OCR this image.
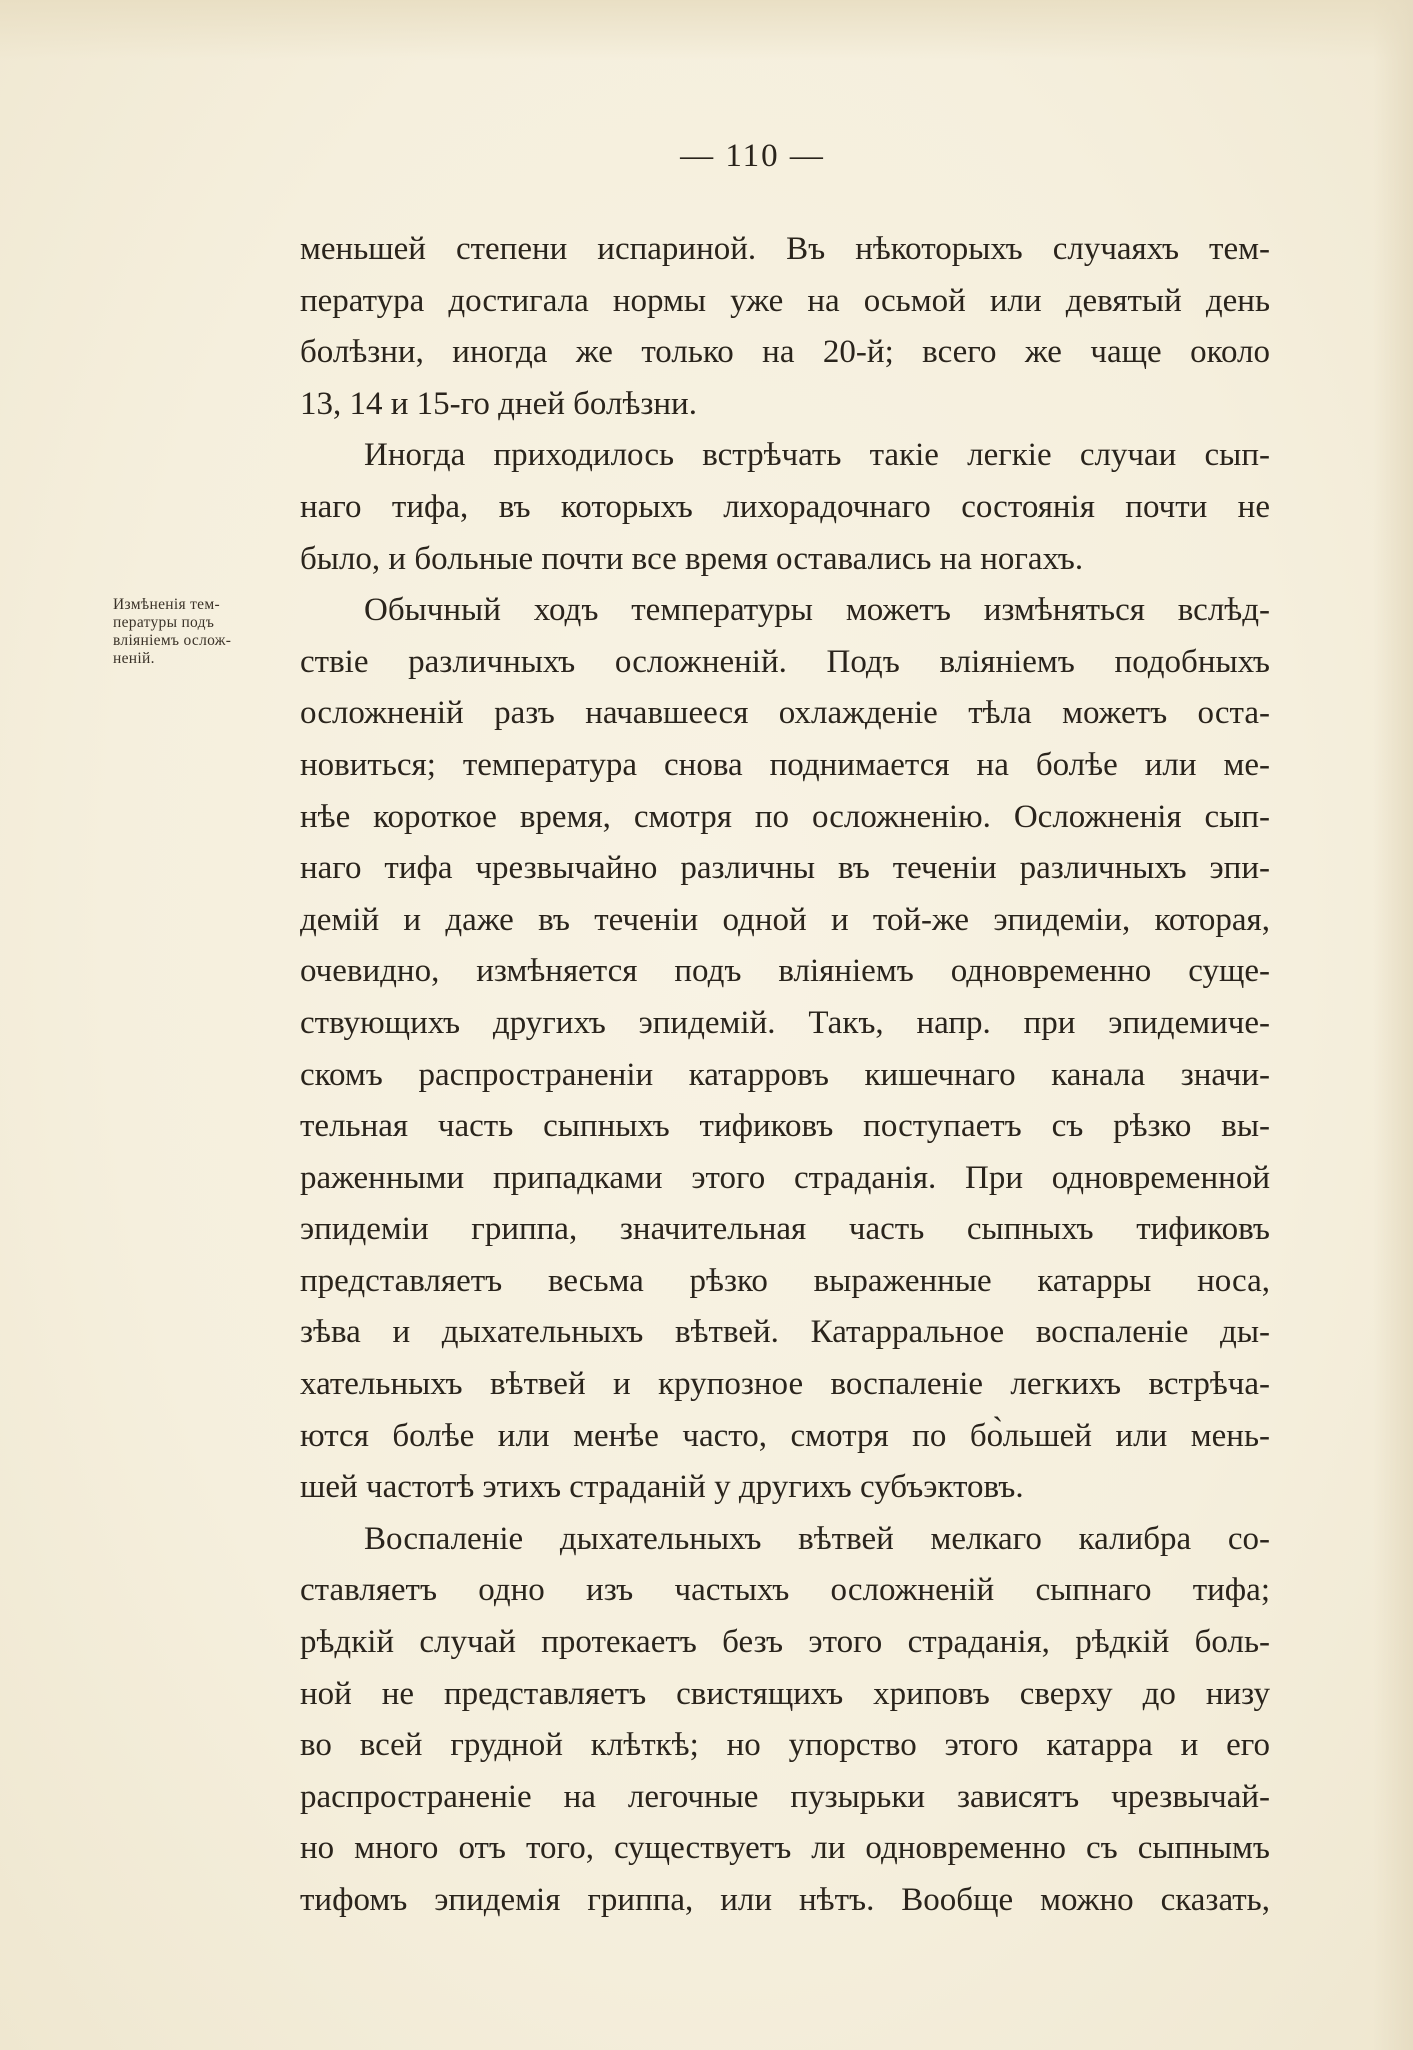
— 110 —
Измѣненія тем-
пературы подъ
вліяніемъ ослож-
неній.
меньшей степени испариной. Въ нѣкоторыхъ случаяхъ тем-
пература достигала нормы уже на осьмой или девятый день
болѣзни, иногда же только на 20-й; всего же чаще около
13, 14 и 15-го дней болѣзни.
Иногда приходилось встрѣчать такіе легкіе случаи сып-
наго тифа, въ которыхъ лихорадочнаго состоянія почти не
было, и больные почти все время оставались на ногахъ.
Обычный ходъ температуры можетъ измѣняться вслѣд-
ствіе различныхъ осложненій. Подъ вліяніемъ подобныхъ
осложненій разъ начавшееся охлажденіе тѣла можетъ оста-
новиться; температура снова поднимается на болѣе или ме-
нѣе короткое время, смотря по осложненію. Осложненія сып-
наго тифа чрезвычайно различны въ теченіи различныхъ эпи-
демій и даже въ теченіи одной и той-же эпидеміи, которая,
очевидно, измѣняется подъ вліяніемъ одновременно суще-
ствующихъ другихъ эпидемій. Такъ, напр. при эпидемиче-
скомъ распространеніи катарровъ кишечнаго канала значи-
тельная часть сыпныхъ тификовъ поступаетъ съ рѣзко вы-
раженными припадками этого страданія. При одновременной
эпидеміи гриппа, значительная часть сыпныхъ тификовъ
представляетъ весьма рѣзко выраженные катарры носа,
зѣва и дыхательныхъ вѣтвей. Катарральное воспаленіе ды-
хательныхъ вѣтвей и крупозное воспаленіе легкихъ встрѣча-
ются болѣе или менѣе часто, смотря по бо̀льшей или мень-
шей частотѣ этихъ страданій у другихъ субъэктовъ.
Воспаленіе дыхательныхъ вѣтвей мелкаго калибра со-
ставляетъ одно изъ частыхъ осложненій сыпнаго тифа;
рѣдкій случай протекаетъ безъ этого страданія, рѣдкій боль-
ной не представляетъ свистящихъ хриповъ сверху до низу
во всей грудной клѣткѣ; но упорство этого катарра и его
распространеніе на легочные пузырьки зависятъ чрезвычай-
но много отъ того, существуетъ ли одновременно съ сыпнымъ
тифомъ эпидемія гриппа, или нѣтъ. Вообще можно сказать,
